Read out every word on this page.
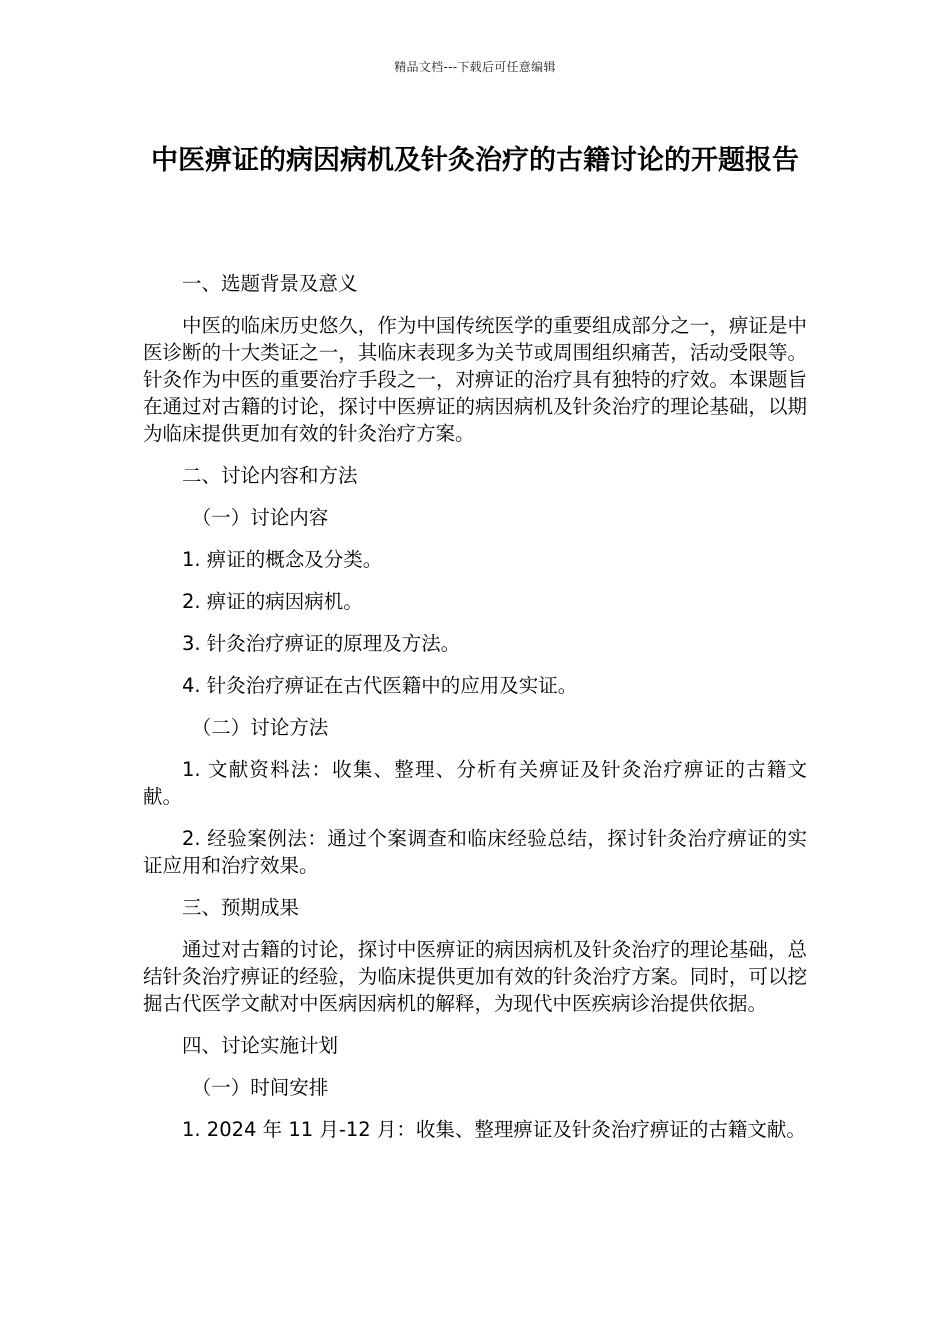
精品文档---下载后可任意编辑
中医痹证的病因病机及针灸治疗的古籍讨论的开题报告

一、选题背景及意义

中医的临床历史悠久，作为中国传统医学的重要组成部分之一，痹证是中医诊断的十大类证之一，其临床表现多为关节或周围组织痛苦，活动受限等。针灸作为中医的重要治疗手段之一，对痹证的治疗具有独特的疗效。本课题旨在通过对古籍的讨论，探讨中医痹证的病因病机及针灸治疗的理论基础，以期为临床提供更加有效的针灸治疗方案。

二、讨论内容和方法

（一）讨论内容

1. 痹证的概念及分类。

2. 痹证的病因病机。

3. 针灸治疗痹证的原理及方法。

4. 针灸治疗痹证在古代医籍中的应用及实证。

（二）讨论方法

1. 文献资料法：收集、整理、分析有关痹证及针灸治疗痹证的古籍文献。

2. 经验案例法：通过个案调查和临床经验总结，探讨针灸治疗痹证的实证应用和治疗效果。

三、预期成果

通过对古籍的讨论，探讨中医痹证的病因病机及针灸治疗的理论基础，总结针灸治疗痹证的经验，为临床提供更加有效的针灸治疗方案。同时，可以挖掘古代医学文献对中医病因病机的解释，为现代中医疾病诊治提供依据。

四、讨论实施计划

（一）时间安排

1. 2024 年 11 月-12 月：收集、整理痹证及针灸治疗痹证的古籍文献。
